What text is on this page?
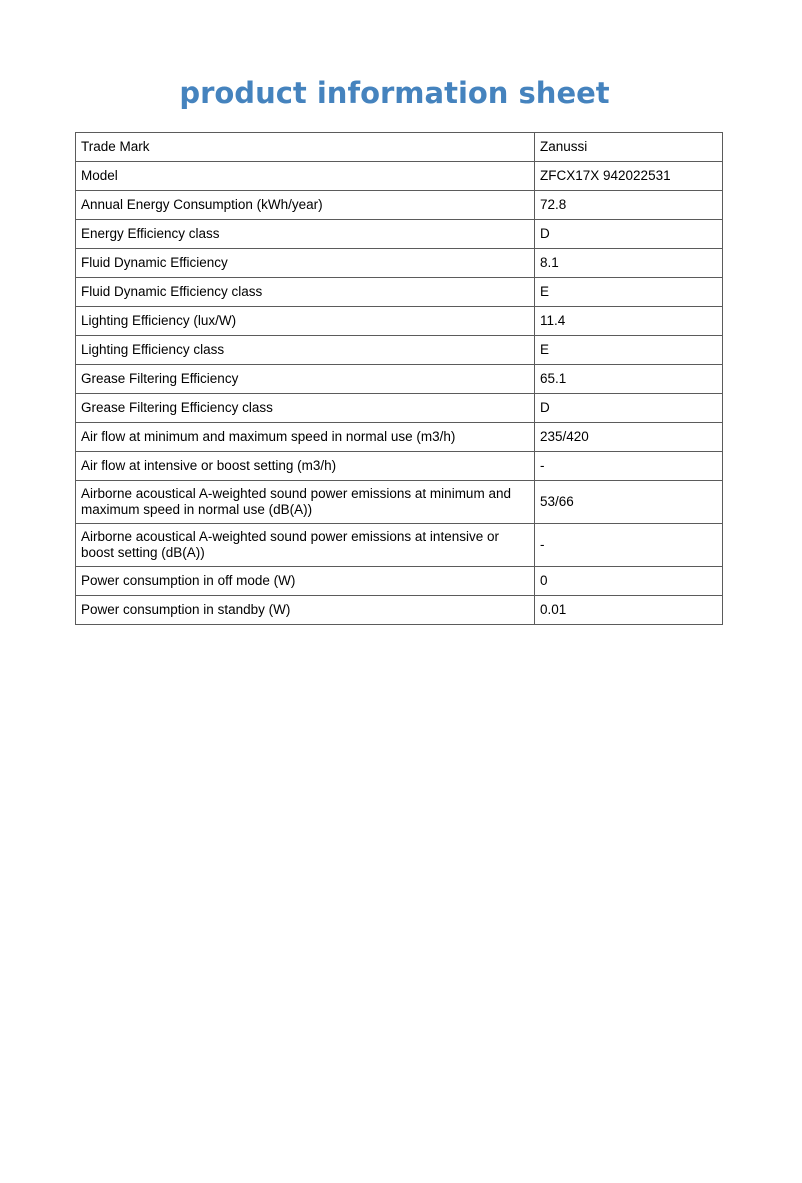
product information sheet
Trade Mark	Zanussi
Model	ZFCX17X 942022531
Annual Energy Consumption (kWh/year)	72.8
Energy Efficiency class	D
Fluid Dynamic Efficiency	8.1
Fluid Dynamic Efficiency class	E
Lighting Efficiency (lux/W)	11.4
Lighting Efficiency class	E
Grease Filtering Efficiency	65.1
Grease Filtering Efficiency class	D
Air flow at minimum and maximum speed in normal use (m3/h)	235/420
Air flow at intensive or boost setting (m3/h)	-
Airborne acoustical A-weighted sound power emissions at minimum and maximum speed in normal use (dB(A))	53/66
Airborne acoustical A-weighted sound power emissions at intensive or boost setting (dB(A))	-
Power consumption in off mode (W)	0
Power consumption in standby (W)	0.01
